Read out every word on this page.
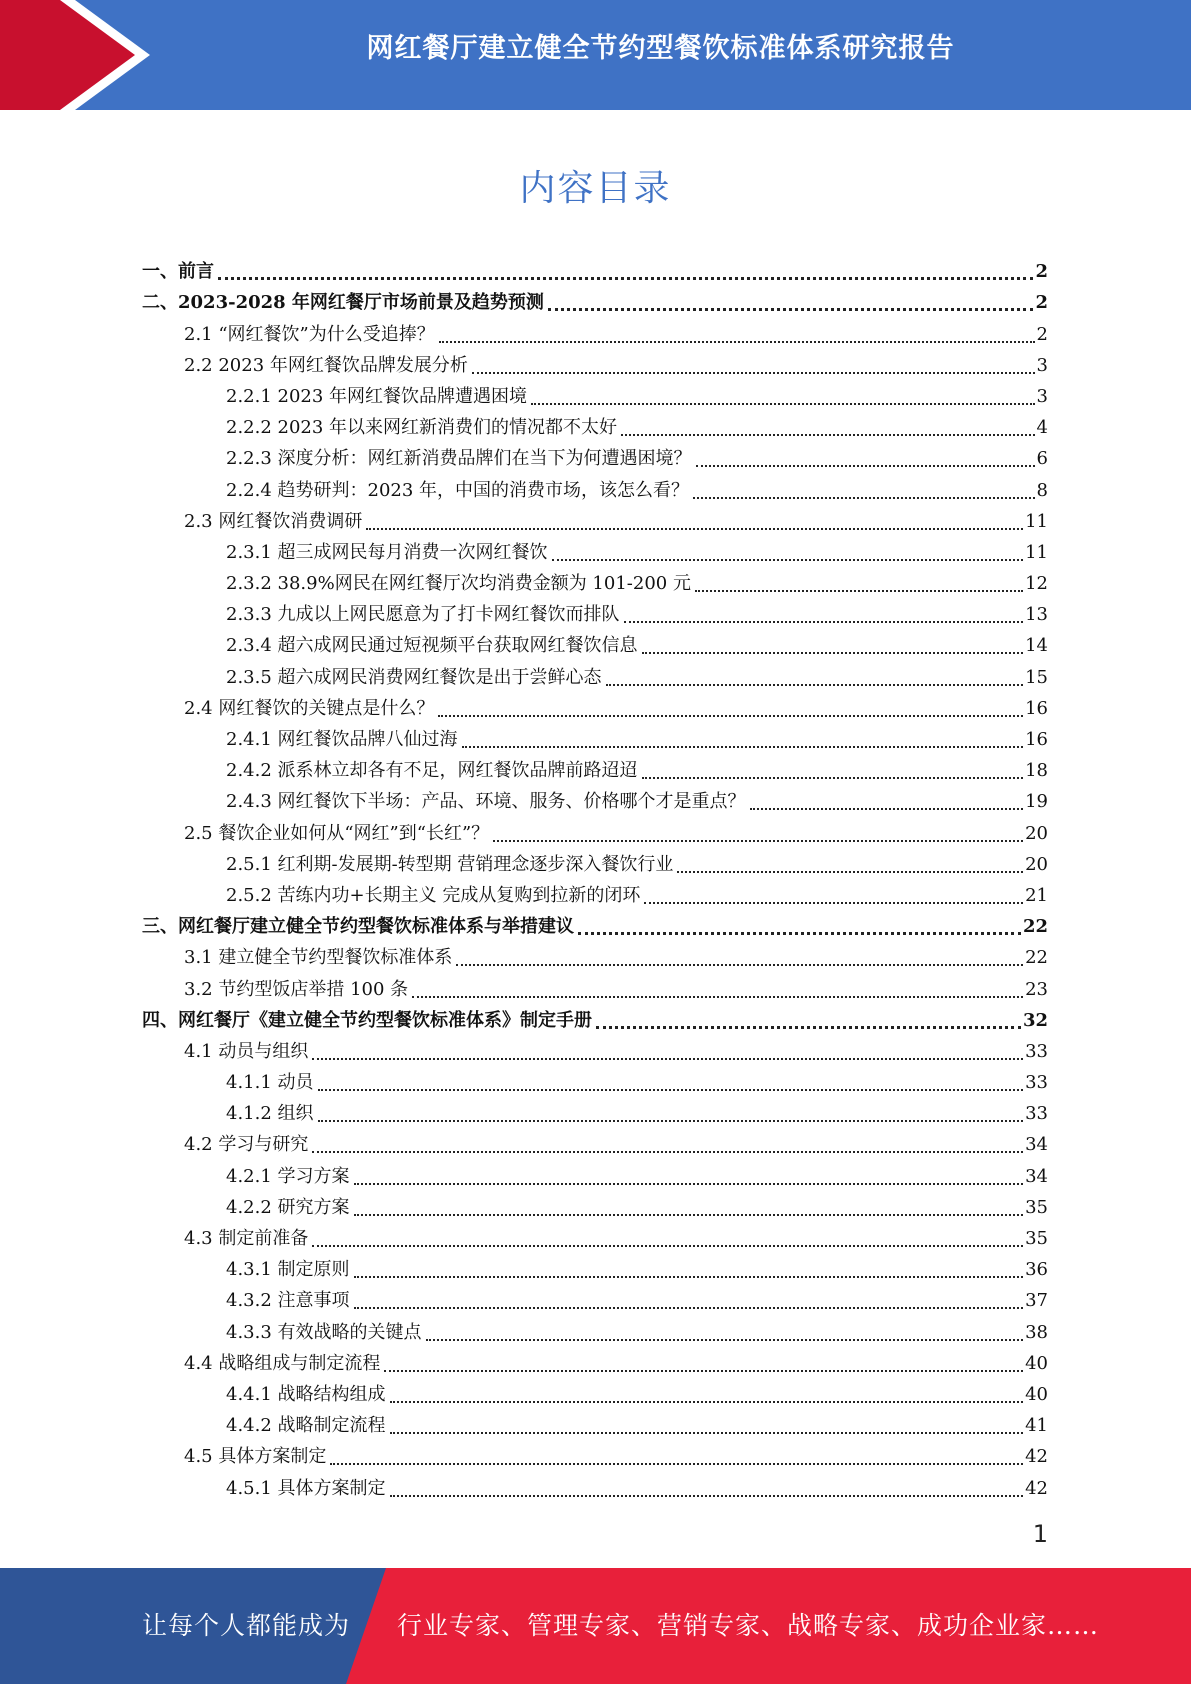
网红餐厅建立健全节约型餐饮标准体系研究报告
内容目录
一、前言	2
二、2023-2028 年网红餐厅市场前景及趋势预测	2
2.1 “网红餐饮”为什么受追捧？	2
2.2 2023 年网红餐饮品牌发展分析	3
2.2.1 2023 年网红餐饮品牌遭遇困境	3
2.2.2 2023 年以来网红新消费们的情况都不太好	4
2.2.3 深度分析：网红新消费品牌们在当下为何遭遇困境？	6
2.2.4 趋势研判：2023 年，中国的消费市场，该怎么看？	8
2.3 网红餐饮消费调研	11
2.3.1 超三成网民每月消费一次网红餐饮	11
2.3.2 38.9%网民在网红餐厅次均消费金额为 101-200 元	12
2.3.3 九成以上网民愿意为了打卡网红餐饮而排队	13
2.3.4 超六成网民通过短视频平台获取网红餐饮信息	14
2.3.5 超六成网民消费网红餐饮是出于尝鲜心态	15
2.4 网红餐饮的关键点是什么？	16
2.4.1 网红餐饮品牌八仙过海	16
2.4.2 派系林立却各有不足，网红餐饮品牌前路迢迢	18
2.4.3 网红餐饮下半场：产品、环境、服务、价格哪个才是重点？	19
2.5 餐饮企业如何从“网红”到“长红”？	20
2.5.1 红利期-发展期-转型期 营销理念逐步深入餐饮行业	20
2.5.2 苦练内功+长期主义 完成从复购到拉新的闭环	21
三、网红餐厅建立健全节约型餐饮标准体系与举措建议	22
3.1 建立健全节约型餐饮标准体系	22
3.2 节约型饭店举措 100 条	23
四、网红餐厅《建立健全节约型餐饮标准体系》制定手册	32
4.1 动员与组织	33
4.1.1 动员	33
4.1.2 组织	33
4.2 学习与研究	34
4.2.1 学习方案	34
4.2.2 研究方案	35
4.3 制定前准备	35
4.3.1 制定原则	36
4.3.2 注意事项	37
4.3.3 有效战略的关键点	38
4.4 战略组成与制定流程	40
4.4.1 战略结构组成	40
4.4.2 战略制定流程	41
4.5 具体方案制定	42
4.5.1 具体方案制定	42
1
让每个人都能成为 行业专家、管理专家、营销专家、战略专家、成功企业家……
